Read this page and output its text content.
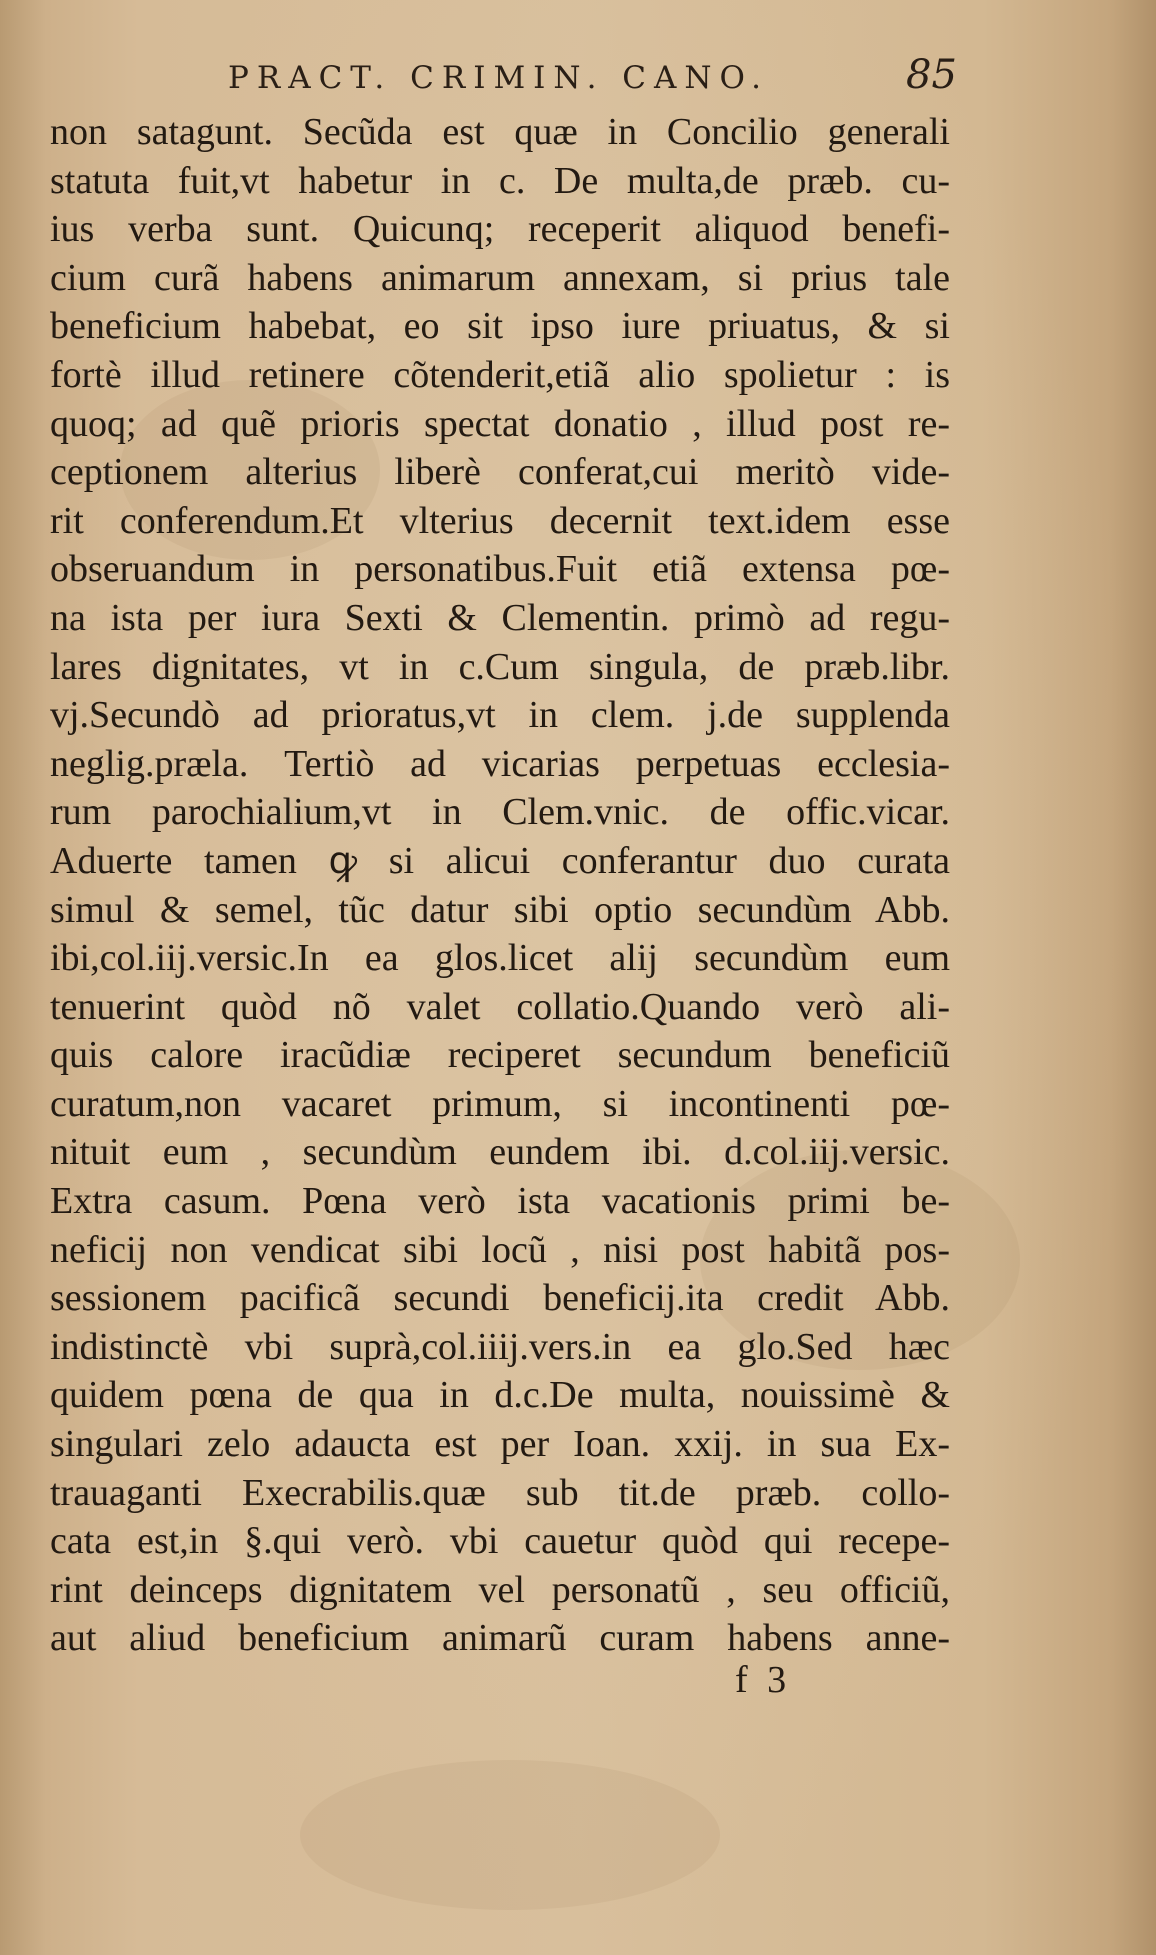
PRACT. CRIMIN. CANO.	85
non satagunt. Secũda est quæ in Concilio generali
statuta fuit,vt habetur in c. De multa,de præb. cu-
ius verba sunt. Quicunq; receperit aliquod benefi-
cium curã habens animarum annexam, si prius tale
beneficium habebat, eo sit ipso iure priuatus, & si
fortè illud retinere cõtenderit,etiã alio spolietur : is
quoq; ad quẽ prioris spectat donatio , illud post re-
ceptionem alterius liberè conferat,cui meritò vide-
rit conferendum.Et vlterius decernit text.idem esse
obseruandum in personatibus.Fuit etiã extensa pœ-
na ista per iura Sexti & Clementin. primò ad regu-
lares dignitates, vt in c.Cum singula, de præb.libr.
vj.Secundò ad prioratus,vt in clem. j.de supplenda
neglig.prælа. Tertiò ad vicarias perpetuas ecclesia-
rum parochialium,vt in Clem.vnic. de offic.vicar.
Aduerte tamen ꝙ si alicui conferantur duo curata
simul & semel, tũc datur sibi optio secundùm Abb.
ibi,col.iij.versic.In ea glos.licet alij secundùm eum
tenuerint quòd nõ valet collatio.Quando verò ali-
quis calore iracũdiæ reciperet secundum beneficiũ
curatum,non vacaret primum, si incontinenti pœ-
nituit eum , secundùm eundem ibi. d.col.iij.versic.
Extra casum. Pœna verò ista vacationis primi be-
neficij non vendicat sibi locũ , nisi post habitã pos-
sessionem pacificã secundi beneficij.ita credit Abb.
indistinctè vbi suprà,col.iiij.vers.in ea glo.Sed hæc
quidem pœna de qua in d.c.De multa, nouissimè &
singulari zelo adaucta est per Ioan. xxij. in sua Ex-
trauaganti Execrabilis.quæ sub tit.de præb. collo-
cata est,in §.qui verò. vbi cauetur quòd qui recepe-
rint deinceps dignitatem vel personatũ , seu officiũ,
aut aliud beneficium animarũ curam habens anne-
f 3
